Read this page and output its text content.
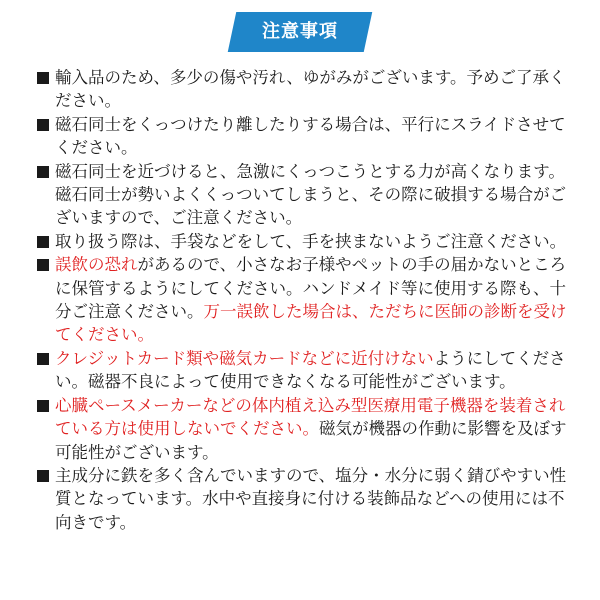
注意事項
輸入品のため、多少の傷や汚れ、ゆがみがございます。予めご了承ください。
磁石同士をくっつけたり離したりする場合は、平行にスライドさせてください。
磁石同士を近づけると、急激にくっつこうとする力が高くなります。磁石同士が勢いよくくっついてしまうと、その際に破損する場合がございますので、ご注意ください。
取り扱う際は、手袋などをして、手を挟まないようご注意ください。
誤飲の恐れがあるので、小さなお子様やペットの手の届かないところに保管するようにしてください。ハンドメイド等に使用する際も、十分ご注意ください。万一誤飲した場合は、ただちに医師の診断を受けてください。
クレジットカード類や磁気カードなどに近付けないようにしてください。磁器不良によって使用できなくなる可能性がございます。
心臓ペースメーカーなどの体内植え込み型医療用電子機器を装着されている方は使用しないでください。磁気が機器の作動に影響を及ぼす可能性がございます。
主成分に鉄を多く含んでいますので、塩分・水分に弱く錆びやすい性質となっています。水中や直接身に付ける装飾品などへの使用には不向きです。
